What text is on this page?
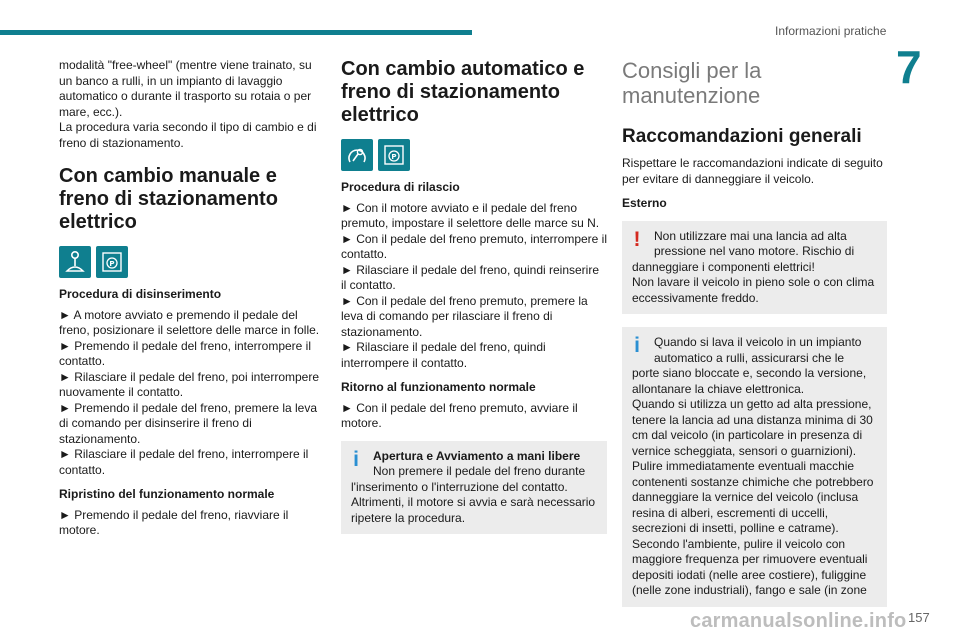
Informazioni pratiche
7

modalità "free-wheel" (mentre viene trainato, su un banco a rulli, in un impianto di lavaggio automatico o durante il trasporto su rotaia o per mare, ecc.).

La procedura varia secondo il tipo di cambio e di freno di stazionamento.

Con cambio manuale e freno di stazionamento elettrico
P
Procedura di disinserimento

► A motore avviato e premendo il pedale del freno, posizionare il selettore delle marce in folle.

► Premendo il pedale del freno, interrompere il contatto.

► Rilasciare il pedale del freno, poi interrompere nuovamente il contatto.

► Premendo il pedale del freno, premere la leva di comando per disinserire il freno di stazionamento.

► Rilasciare il pedale del freno, interrompere il contatto.

Ripristino del funzionamento normale

► Premendo il pedale del freno, riavviare il motore.

Con cambio automatico e freno di stazionamento elettrico
P
Procedura di rilascio

► Con il motore avviato e il pedale del freno premuto, impostare il selettore delle marce su N.

► Con il pedale del freno premuto, interrompere il contatto.

► Rilasciare il pedale del freno, quindi reinserire il contatto.

► Con il pedale del freno premuto, premere la leva di comando per rilasciare il freno di stazionamento.

► Rilasciare il pedale del freno, quindi interrompere il contatto.

Ritorno al funzionamento normale

► Con il pedale del freno premuto, avviare il motore.

i	Apertura e Avviamento a mani libere
Non premere il pedale del freno durante
l'inserimento o l'interruzione del contatto. Altrimenti, il motore si avvia e sarà necessario ripetere la procedura.
Consigli per la manutenzione
Raccomandazioni generali

Rispettare le raccomandazioni indicate di seguito per evitare di danneggiare il veicolo.

Esterno
!	Non utilizzare mai una lancia ad alta pressione nel vano motore. Rischio di
danneggiare i componenti elettrici!
Non lavare il veicolo in pieno sole o con clima eccessivamente freddo.
i	Quando si lava il veicolo in un impianto automatico a rulli, assicurarsi che le
porte siano bloccate e, secondo la versione, allontanare la chiave elettronica.
Quando si utilizza un getto ad alta pressione, tenere la lancia ad una distanza minima di 30 cm dal veicolo (in particolare in presenza di vernice scheggiata, sensori o guarnizioni).
Pulire immediatamente eventuali macchie contenenti sostanze chimiche che potrebbero danneggiare la vernice del veicolo (inclusa resina di alberi, escrementi di uccelli, secrezioni di insetti, polline e catrame).
Secondo l'ambiente, pulire il veicolo con maggiore frequenza per rimuovere eventuali depositi iodati (nelle aree costiere), fuliggine (nelle zone industriali), fango e sale (in zone
carmanualsonline.info 157
